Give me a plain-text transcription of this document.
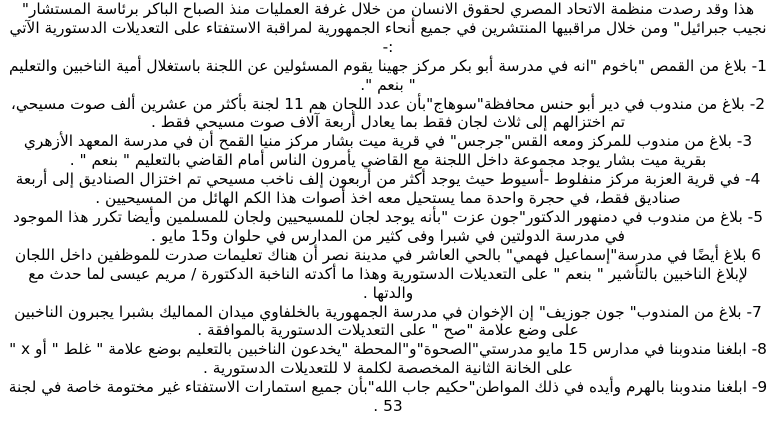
هذا وقد رصدت منظمة الاتحاد المصري لحقوق الانسان من خلال غرفة العمليات منذ الصباح الباكر برئاسة المستشار" نجيب جبرائيل" ومن خلال مراقبيها المنتشرين في جميع أنحاء الجمهورية لمراقبة الاستفتاء على التعديلات الدستورية الآتي :-

1- بلاغ من القمص "باخوم "انه في مدرسة أبو بكر مركز جهينا يقوم المسئولين عن اللجنة باستغلال أمية الناخبين والتعليم " بنعم ".

2- بلاغ من مندوب في دير أبو حنس محافظة"سوهاج"بأن عدد اللجان هم 11 لجنة بأكثر من عشرين ألف صوت مسيحي، تم اختزالهم إلى ثلاث لجان فقط بما يعادل أربعة آلاف صوت مسيحي فقط .

3- بلاغ من مندوب للمركز ومعه القس"جرجس" في قرية ميت بشار مركز منيا القمح أن في مدرسة المعهد الأزهري بقرية ميت بشار يوجد مجموعة داخل اللجنة مع القاضي يأمرون الناس أمام القاضي بالتعليم " بنعم " .

4- في قرية العزبة مركز منفلوط -أسيوط حيث يوجد أكثر من أربعون إلف ناخب مسيحي تم اختزال الصناديق إلى أربعة صناديق فقط، في حجرة واحدة مما يستحيل معه اخذ أصوات هذا الكم الهائل من المسيحيين .

5- بلاغ من مندوب في دمنهور الدكتور"جون عزت "بأنه يوجد لجان للمسيحيين ولجان للمسلمين وأيضا تكرر هذا الموجود في مدرسة الدولتين في شبرا وفى كثير من المدارس في حلوان و15 مايو .

6 بلاغ أيضًا في مدرسة"إسماعيل فهمي" بالحي العاشر في مدينة نصر أن هناك تعليمات صدرت للموظفين داخل اللجان لإبلاغ الناخبين بالتأشير " بنعم " على التعديلات الدستورية وهذا ما أكدته الناخبة الدكتورة / مريم عيسى لما حدث مع والدتها .

7- بلاغ من المندوب" جون جوزيف" إن الإخوان في مدرسة الجمهورية بالخلفاوي ميدان المماليك بشبرا يجبرون الناخبين على وضع علامة "صح " على التعديلات الدستورية بالموافقة .

8- ابلغنا مندوبنا في مدارس 15 مايو مدرستي"الصحوة"و"المحطة "يخدعون الناخبين بالتعليم بوضع علامة " غلط " أو x " على الخانة الثانية المخصصة لكلمة لا للتعديلات الدستورية .

9- ابلغنا مندوبنا بالهرم وأيده في ذلك المواطن"حكيم جاب الله"بأن جميع استمارات الاستفتاء غير مختومة خاصة في لجنة 53 .
